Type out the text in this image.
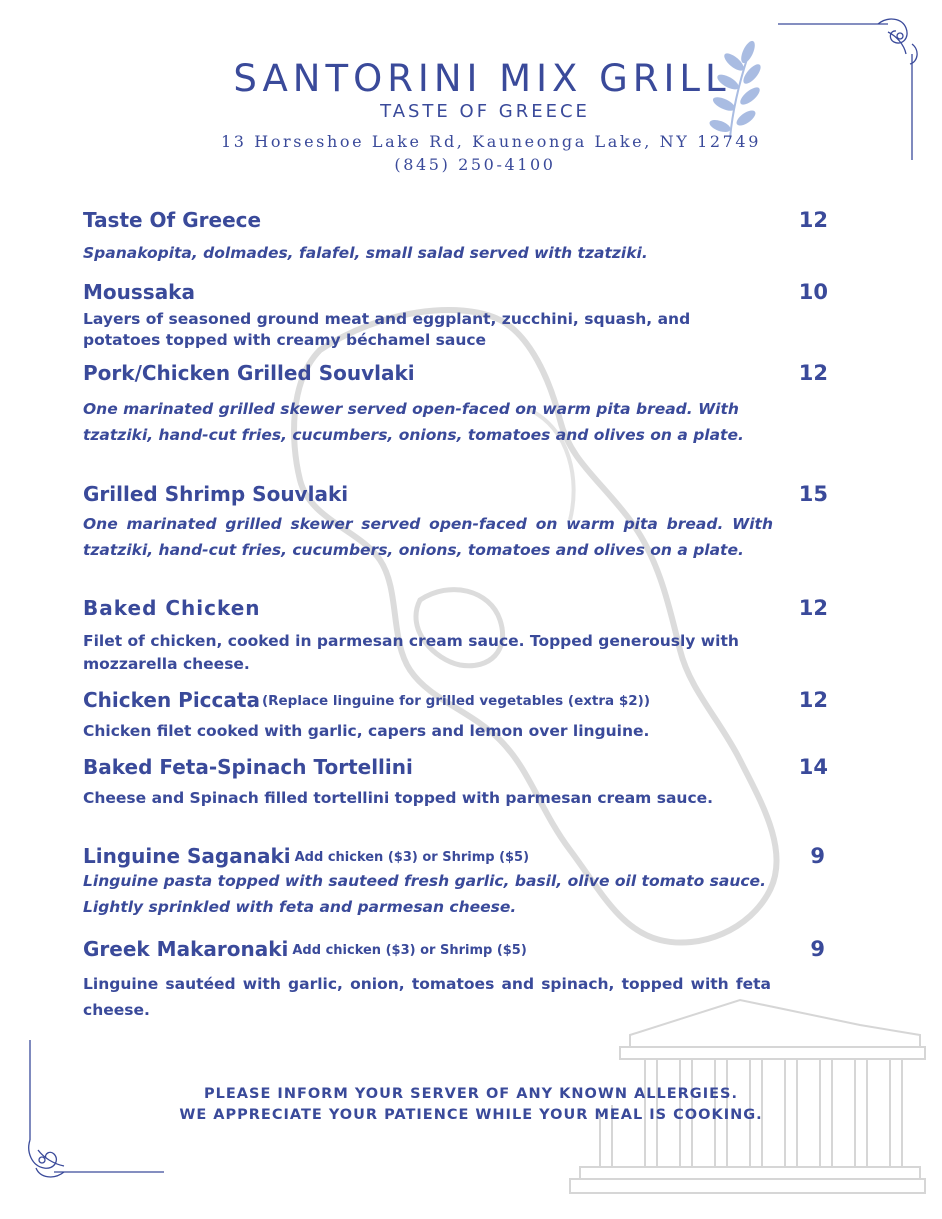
SANTORINI MIX GRILL
TASTE OF GREECE
13 Horseshoe Lake Rd, Kauneonga Lake, NY 12749
(845) 250-4100
Taste Of Greece	12
Spanakopita, dolmades, falafel, small salad served with tzatziki.
Moussaka	10
Layers of seasoned ground meat and eggplant, zucchini, squash, and potatoes topped with creamy béchamel sauce
Pork/Chicken Grilled Souvlaki	12
One marinated grilled skewer served open-faced on warm pita bread. With tzatziki, hand-cut fries, cucumbers, onions, tomatoes and olives on a plate.
Grilled Shrimp Souvlaki	15
One marinated grilled skewer served open-faced on warm pita bread. With tzatziki, hand-cut fries, cucumbers, onions, tomatoes and olives on a plate.
Baked Chicken	12
Filet of chicken, cooked in parmesan cream sauce. Topped generously with mozzarella cheese.
Chicken Piccata (Replace linguine for grilled vegetables (extra $2))	12
Chicken filet cooked with garlic, capers and lemon over linguine.
Baked Feta-Spinach Tortellini	14
Cheese and Spinach filled tortellini topped with parmesan cream sauce.
Linguine Saganaki Add chicken ($3) or Shrimp ($5)	9
Linguine pasta topped with sauteed fresh garlic, basil, olive oil tomato sauce. Lightly sprinkled with feta and parmesan cheese.
Greek Makaronaki Add chicken ($3) or Shrimp ($5)	9
Linguine sautéed with garlic, onion, tomatoes and spinach, topped with feta cheese.
PLEASE INFORM YOUR SERVER OF ANY KNOWN ALLERGIES.
WE APPRECIATE YOUR PATIENCE WHILE YOUR MEAL IS COOKING.
